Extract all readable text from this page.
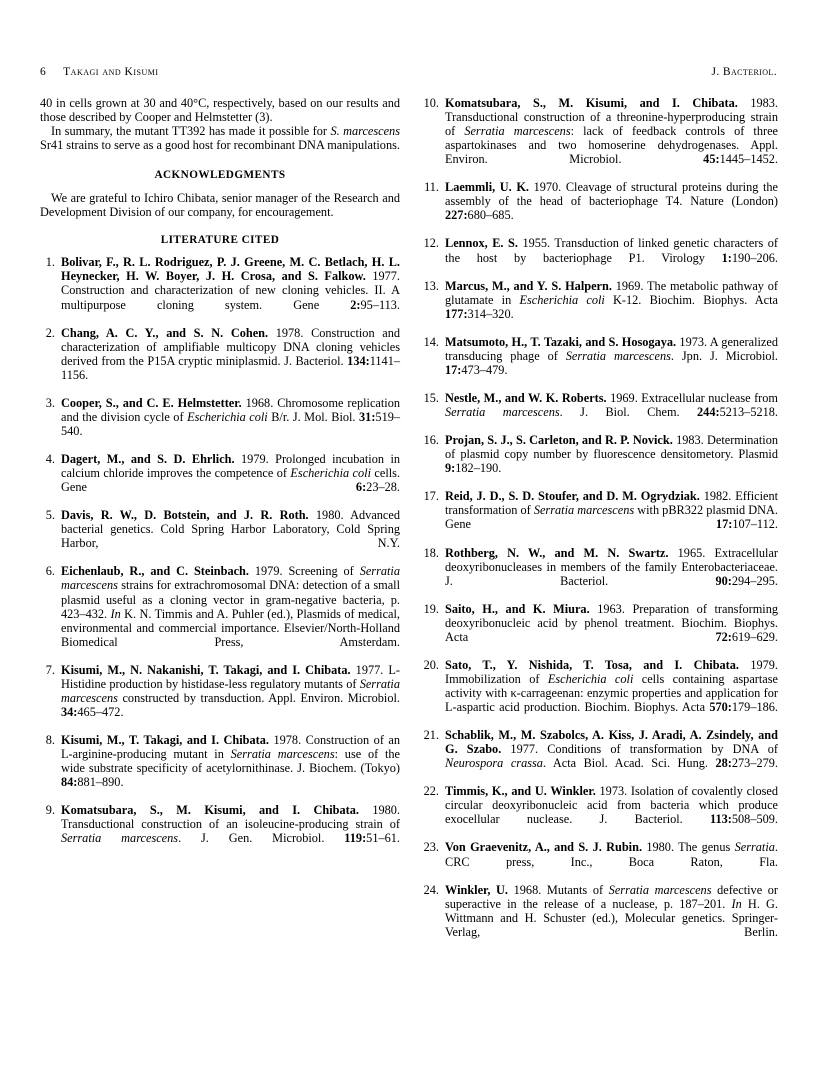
6 Takagi and Kisumi	J. Bacteriol.

40 in cells grown at 30 and 40°C, respectively, based on our results and those described by Cooper and Helmstetter (3).

In summary, the mutant TT392 has made it possible for S. marcescens Sr41 strains to serve as a good host for recombinant DNA manipulations.

ACKNOWLEDGMENTS

We are grateful to Ichiro Chibata, senior manager of the Research and Development Division of our company, for encouragement.

LITERATURE CITED

1. Bolivar, F., R. L. Rodriguez, P. J. Greene, M. C. Betlach, H. L. Heynecker, H. W. Boyer, J. H. Crosa, and S. Falkow. 1977. Construction and characterization of new cloning vehicles. II. A multipurpose cloning system. Gene	2:95–113.
2. Chang, A. C. Y., and S. N. Cohen. 1978. Construction and characterization of amplifiable multicopy DNA cloning vehicles derived from the P15A cryptic miniplasmid. J. Bacteriol. 134:1141–1156.
3. Cooper, S., and C. E. Helmstetter. 1968. Chromosome replication and the division cycle of Escherichia coli B/r. J. Mol. Biol. 31:519–540.
4. Dagert, M., and S. D. Ehrlich. 1979. Prolonged incubation in calcium chloride improves the competence of Escherichia coli cells. Gene	6:23–28.
5. Davis, R. W., D. Botstein, and J. R. Roth. 1980. Advanced bacterial genetics. Cold Spring Harbor Laboratory, Cold Spring Harbor, N.Y.
6. Eichenlaub, R., and C. Steinbach. 1979. Screening of Serratia marcescens strains for extrachromosomal DNA: detection of a small plasmid useful as a cloning vector in gram-negative bacteria, p. 423–432. In K. N. Timmis and A. Puhler (ed.), Plasmids of medical, environmental and commercial importance. Elsevier/North-Holland Biomedical Press, Amsterdam.
7. Kisumi, M., N. Nakanishi, T. Takagi, and I. Chibata. 1977. L-Histidine production by histidase-less regulatory mutants of Serratia marcescens constructed by transduction. Appl. Environ. Microbiol. 34:465–472.
8. Kisumi, M., T. Takagi, and I. Chibata. 1978. Construction of an L-arginine-producing mutant in Serratia marcescens: use of the wide substrate specificity of acetylornithinase. J. Biochem. (Tokyo) 84:881–890.
9. Komatsubara, S., M. Kisumi, and I. Chibata. 1980. Transductional construction of an isoleucine-producing strain of Serratia marcescens. J. Gen. Microbiol. 119:51–61.
10. Komatsubara, S., M. Kisumi, and I. Chibata. 1983. Transductional construction of a threonine-hyperproducing strain of Serratia marcescens: lack of feedback controls of three aspartokinases and two homoserine dehydrogenases. Appl. Environ. Microbiol.	45:1445–1452.
11. Laemmli, U. K. 1970. Cleavage of structural proteins during the assembly of the head of bacteriophage T4. Nature (London) 227:680–685.
12. Lennox, E. S. 1955. Transduction of linked genetic characters of the host by bacteriophage P1. Virology 1:190–206.
13. Marcus, M., and Y. S. Halpern. 1969. The metabolic pathway of glutamate in Escherichia coli K-12. Biochim. Biophys. Acta 177:314–320.
14. Matsumoto, H., T. Tazaki, and S. Hosogaya. 1973. A generalized transducing phage of Serratia marcescens. Jpn. J. Microbiol. 17:473–479.
15. Nestle, M., and W. K. Roberts. 1969. Extracellular nuclease from Serratia marcescens. J. Biol. Chem. 244:5213–5218.
16. Projan, S. J., S. Carleton, and R. P. Novick. 1983. Determination of plasmid copy number by fluorescence densitometory. Plasmid 9:182–190.
17. Reid, J. D., S. D. Stoufer, and D. M. Ogrydziak. 1982. Efficient transformation of Serratia marcescens with pBR322 plasmid DNA. Gene	17:107–112.
18. Rothberg, N. W., and M. N. Swartz. 1965. Extracellular deoxyribonucleases in members of the family Enterobacteriaceae. J. Bacteriol.	90:294–295.
19. Saito, H., and K. Miura. 1963. Preparation of transforming deoxyribonucleic acid by phenol treatment. Biochim. Biophys. Acta	72:619–629.
20. Sato, T., Y. Nishida, T. Tosa, and I. Chibata. 1979. Immobilization of Escherichia coli cells containing aspartase activity with κ-carrageenan: enzymic properties and application for L-aspartic acid production. Biochim. Biophys. Acta 570:179–186.
21. Schablik, M., M. Szabolcs, A. Kiss, J. Aradi, A. Zsindely, and G. Szabo. 1977. Conditions of transformation by DNA of Neurospora crassa. Acta Biol. Acad. Sci. Hung. 28:273–279.
22. Timmis, K., and U. Winkler. 1973. Isolation of covalently closed circular deoxyribonucleic acid from bacteria which produce exocellular nuclease. J. Bacteriol. 113:508–509.
23. Von Graevenitz, A., and S. J. Rubin. 1980. The genus Serratia. CRC press, Inc., Boca Raton, Fla.
24. Winkler, U. 1968. Mutants of Serratia marcescens defective or superactive in the release of a nuclease, p. 187–201. In H. G. Wittmann and H. Schuster (ed.), Molecular genetics. Springer-Verlag, Berlin.
